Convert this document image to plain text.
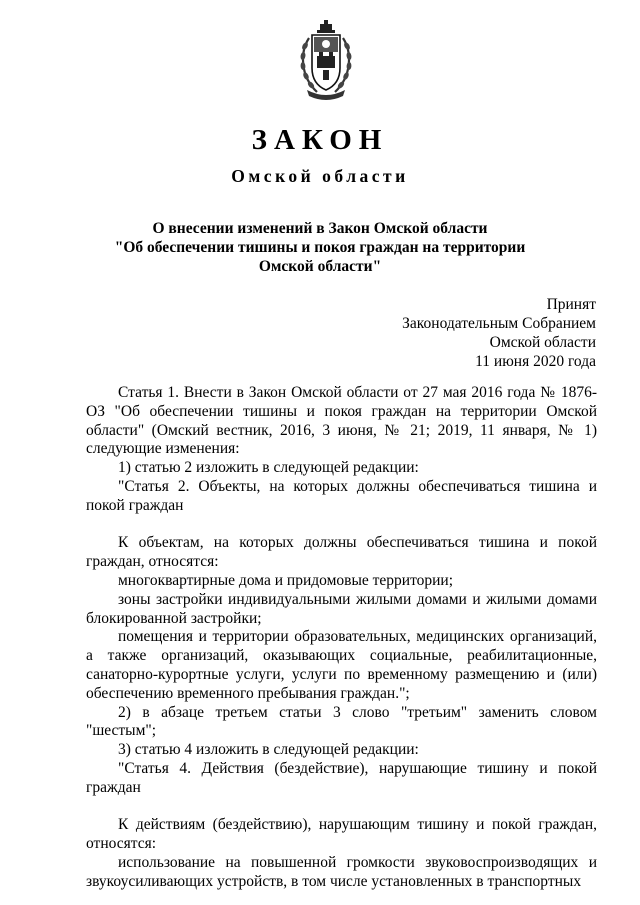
ЗАКОН
Омской области
О внесении изменений в Закон Омской области
"Об обеспечении тишины и покоя граждан на территории
Омской области"
Принят
Законодательным Собранием
Омской области
11 июня 2020 года

Статья 1. Внести в Закон Омской области от 27 мая 2016 года № 1876-ОЗ "Об обеспечении тишины и покоя граждан на территории Омской области" (Омский вестник, 2016, 3 июня, № 21; 2019, 11 января, № 1) следующие изменения:

1) статью 2 изложить в следующей редакции:

"Статья 2. Объекты, на которых должны обеспечиваться тишина и покой граждан

К объектам, на которых должны обеспечиваться тишина и покой граждан, относятся:

многоквартирные дома и придомовые территории;

зоны застройки индивидуальными жилыми домами и жилыми домами блокированной застройки;

помещения и территории образовательных, медицинских организаций, а также организаций, оказывающих социальные, реабилитационные, санаторно-курортные услуги, услуги по временному размещению и (или) обеспечению временного пребывания граждан.";

2) в абзаце третьем статьи 3 слово "третьим" заменить словом "шестым";

3) статью 4 изложить в следующей редакции:

"Статья 4. Действия (бездействие), нарушающие тишину и покой граждан

К действиям (бездействию), нарушающим тишину и покой граждан, относятся:

использование на повышенной громкости звуковоспроизводящих и звукоусиливающих устройств, в том числе установленных в транспортных
